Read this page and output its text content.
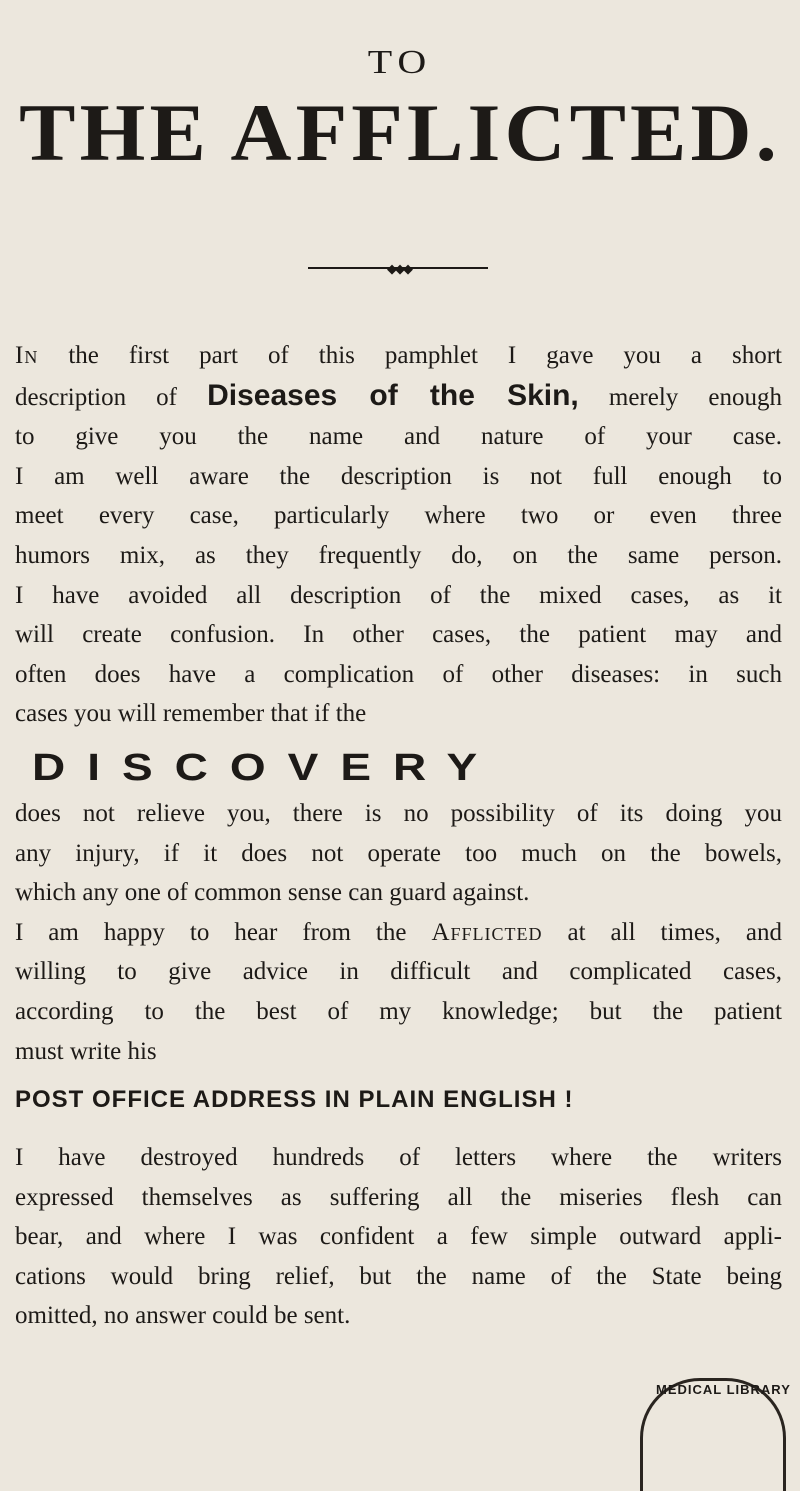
TO
THE AFFLICTED.
◆◆◆
In the first part of this pamphlet I gave you a short
description of Diseases of the Skin, merely enough
to give you the name and nature of your case.
I am well aware the description is not full enough to
meet every case, particularly where two or even three
humors mix, as they frequently do, on the same person.
I have avoided all description of the mixed cases, as it
will create confusion. In other cases, the patient may and
often does have a complication of other diseases: in such
cases you will remember that if the
DISCOVERY
does not relieve you, there is no possibility of its doing you
any injury, if it does not operate too much on the bowels,
which any one of common sense can guard against.
I am happy to hear from the Afflicted at all times, and
willing to give advice in difficult and complicated cases,
according to the best of my knowledge; but the patient
must write his
POST OFFICE ADDRESS IN PLAIN ENGLISH !
I have destroyed hundreds of letters where the writers
expressed themselves as suffering all the miseries flesh can
bear, and where I was confident a few simple outward appli-
cations would bring relief, but the name of the State being
omitted, no answer could be sent.
MEDICAL LIBRARY
